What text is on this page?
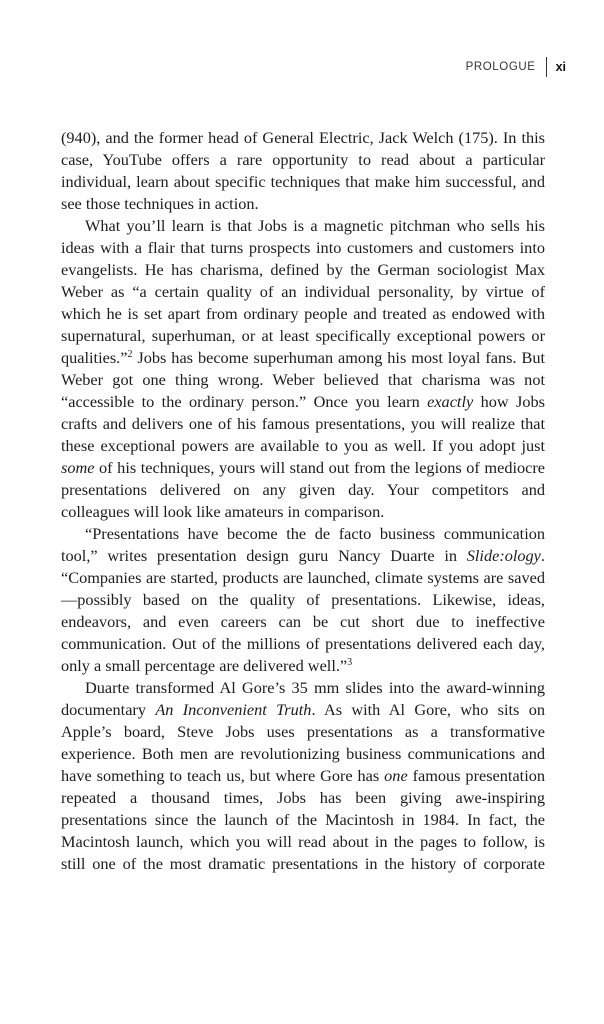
PROLOGUE xi

(940), and the former head of General Electric, Jack Welch (175). In this case, YouTube offers a rare opportunity to read about a particular individual, learn about specific techniques that make him successful, and see those techniques in action.

What you’ll learn is that Jobs is a magnetic pitchman who sells his ideas with a flair that turns prospects into customers and customers into evangelists. He has charisma, defined by the German sociologist Max Weber as “a certain quality of an individual personality, by virtue of which he is set apart from ordinary people and treated as endowed with supernatural, superhuman, or at least specifically exceptional powers or qualities.”$^2$ Jobs has become superhuman among his most loyal fans. But Weber got one thing wrong. Weber believed that charisma was not “accessible to the ordinary person.” Once you learn exactly how Jobs crafts and delivers one of his famous presentations, you will realize that these exceptional powers are available to you as well. If you adopt just some of his techniques, yours will stand out from the legions of mediocre presentations delivered on any given day. Your competitors and colleagues will look like amateurs in comparison.

“Presentations have become the de facto business communication tool,” writes presentation design guru Nancy Duarte in Slide:ology. “Companies are started, products are launched, climate systems are saved—possibly based on the quality of presentations. Likewise, ideas, endeavors, and even careers can be cut short due to ineffective communication. Out of the millions of presentations delivered each day, only a small percentage are delivered well.”$^3$

Duarte transformed Al Gore’s 35 mm slides into the award-winning documentary An Inconvenient Truth. As with Al Gore, who sits on Apple’s board, Steve Jobs uses presentations as a transformative experience. Both men are revolutionizing business communications and have something to teach us, but where Gore has one famous presentation repeated a thousand times, Jobs has been giving awe-inspiring presentations since the launch of the Macintosh in 1984. In fact, the Macintosh launch, which you will read about in the pages to follow, is still one of the most dramatic presentations in the history of corporate
